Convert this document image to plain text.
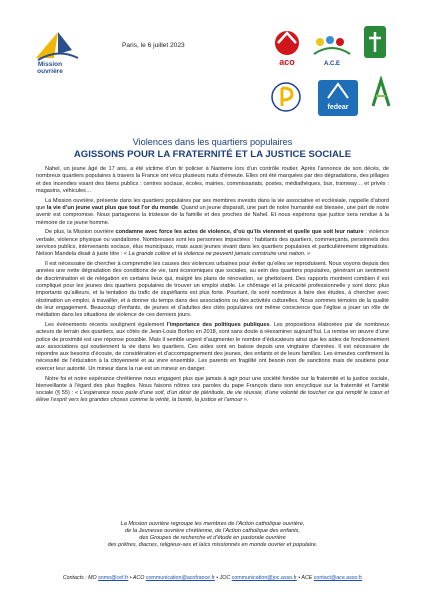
Mission ouvrière
Paris, le 6 juillet 2023
aco	A.C.E
fedear
Violences dans les quartiers populaires
AGISSONS POUR LA FRATERNITÉ ET LA JUSTICE SOCIALE

Nahel, un jeune âgé de 17 ans, a été victime d’un tir policier à Nanterre lors d’un contrôle routier. Après l’annonce de son décès, de nombreux quartiers populaires à travers la France ont vécu plusieurs nuits d’émeute. Elles ont été marquées par des dégradations, des pillages et des incendies visant des biens publics : centres sociaux, écoles, mairies, commissariats, postes, médiathèques, bus, tramway… et privés : magasins, véhicules…

La Mission ouvrière, présente dans les quartiers populaires par ses membres investis dans la vie associative et ecclésiale, rappelle d’abord que la vie d’un jeune vaut plus que tout l’or du monde. Quand un jeune disparaît, une part de notre humanité est blessée, une part de notre avenir est compromise. Nous partageons la tristesse de la famille et des proches de Nahel. Et nous espérons que justice sera rendue à la mémoire de ce jeune homme.

De plus, la Mission ouvrière condamne avec force les actes de violence, d’où qu’ils viennent et quelle que soit leur nature : violence verbale, violence physique ou vandalisme. Nombreuses sont les personnes impactées : habitants des quartiers, commerçants, personnels des services publics, intervenants sociaux, élus municipaux, mais aussi jeunes vivant dans les quartiers populaires et particulièrement stigmatisés. Nelson Mandela disait à juste titre : « La grande colère et la violence ne peuvent jamais construire une nation. »

Il est nécessaire de chercher à comprendre les causes des violences urbaines pour éviter qu’elles se reproduisent. Nous voyons depuis des années une nette dégradation des conditions de vie, tant économiques que sociales, au sein des quartiers populaires, générant un sentiment de discrimination et de relégation en certains lieux qui, malgré les plans de rénovation, se ghettoïsent. Des rapports montrent combien il est compliqué pour les jeunes des quartiers populaires de trouver un emploi stable. Le chômage et la précarité professionnelle y sont donc plus importants qu’ailleurs, et la tentation du trafic de stupéfiants est plus forte. Pourtant, ils sont nombreux à faire des études, à chercher avec obstination un emploi, à travailler, et à donner du temps dans des associations ou des activités culturelles. Nous sommes témoins de la qualité de leur engagement. Beaucoup d’enfants, de jeunes et d’adultes des cités populaires ont même conscience que l’église a jouer un rôle de médiation dans les situations de violence de ces derniers jours.

Les événements récents soulignent également l’importance des politiques publiques. Les propositions élaborées par de nombreux acteurs de terrain des quartiers, aux côtés de Jean-Louis Borloo en 2018, sont sans doute à réexaminer aujourd’hui. La remise en œuvre d’une police de proximité est une réponse possible. Mais il semble urgent d’augmenter le nombre d’éducateurs ainsi que les aides de fonctionnement aux associations qui soutiennent la vie dans les quartiers. Ces aides sont en baisse depuis une vingtaine d’années. Il est nécessaire de répondre aux besoins d’écoute, de considération et d’accompagnement des jeunes, des enfants et de leurs familles. Les émeutes confirment la nécessité de l’éducation à la citoyenneté et au vivre ensemble. Les parents en fragilité ont besoin non de sanctions mais de soutiens pour exercer leur autorité. Un mineur dans la rue est un mineur en danger.

Notre foi et notre espérance chrétienne nous engagent plus que jamais à agir pour une société fondée sur la fraternité et la justice sociale, bienveillante à l’égard des plus fragiles. Nous faisons nôtres ces paroles du pape François dans son encyclique sur la fraternité et l’amitié sociale (§ 55) : « L’espérance nous parle d’une soif, d’un désir de plénitude, de vie réussie, d’une volonté de toucher ce qui remplit le cœur et élève l’esprit vers les grandes choses comme la vérité, la bonté, la justice et l’amour ».

La Mission ouvrière regroupe les membres de l’Action catholique ouvrière,
de la Jeunesse ouvrière chrétienne, de l’Action catholique des enfants,
des Groupes de recherche et d’étude en pastorale ouvrière
des prêtres, diacres, religieux-ses et laïcs missionnés en monde ouvrier et populaire.
Contacts : MO snmo@cef.fr • ACO communication@acofrance.fr • JOC communication@joc.asso.fr • ACE contact@ace.asso.fr
